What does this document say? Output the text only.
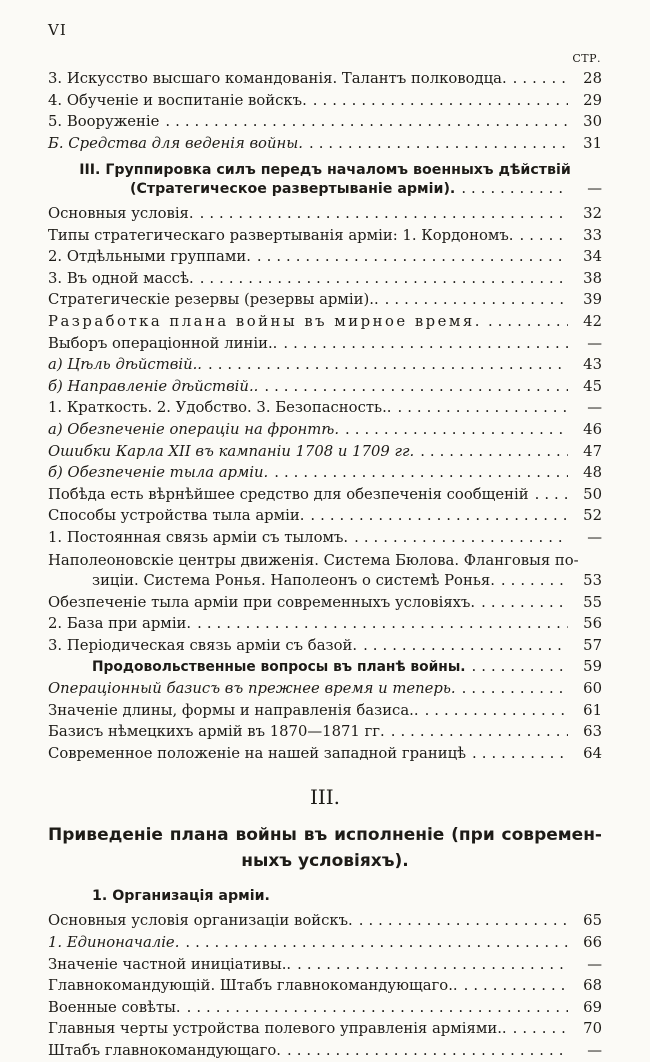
VI
СТР.
3. Искусство высшаго командованія. Талантъ полководца. .....	28
4. Обученіе и воспитаніе войскъ. .....	29
5. Вооруженіе .....	30
Б. Средства для веденія войны. .....	31
III. Группировка силъ передъ началомъ военныхъ дѣйствій
(Стратегическое развертываніе арміи). .....	—
Основныя условія. .....	32
Типы стратегическаго развертыванія арміи: 1. Кордономъ. .....	33
2. Отдѣльными группами. .....	34
3. Въ одной массѣ. .....	38
Стратегическіе резервы (резервы арміи).. .....	39
Разработка плана войны въ мирное время. .....	42
Выборъ операціонной линіи.. .....	—
а) Цѣль дѣйствій.. .....	43
б) Направленіе дѣйствій.. .....	45
1. Краткость. 2. Удобство. 3. Безопасность.. .....	—
а) Обезпеченіе операціи на фронтѣ. .....	46
Ошибки Карла XII въ кампаніи 1708 и 1709 гг. .....	47
б) Обезпеченіе тыла арміи. .....	48
Побѣда есть вѣрнѣйшее средство для обезпеченія сообщеній .....	50
Способы устройства тыла арміи. .....	52
1. Постоянная связь арміи съ тыломъ. .....	—
Наполеоновскіе центры движенія. Система Бюлова. Фланговыя по-
зиціи. Система Ронья. Наполеонъ о системѣ Ронья. .....	53
Обезпеченіе тыла арміи при современныхъ условіяхъ. .....	55
2. База при арміи. .....	56
3. Періодическая связь арміи съ базой. .....	57
Продовольственные вопросы въ планѣ войны. .....	59
Операціонный базисъ въ прежнее время и теперь. .....	60
Значеніе длины, формы и направленія базиса.. .....	61
Базисъ нѣмецкихъ армій въ 1870—1871 гг. .....	63
Современное положеніе на нашей западной границѣ .....	64
III.
Приведеніе плана войны въ исполненіе (при современ-
ныхъ условіяхъ).
1. Организація арміи.
Основныя условія организаціи войскъ. .....	65
1. Единоначаліе. .....	66
Значеніе частной иниціативы.. .....	—
Главнокомандующій. Штабъ главнокомандующаго.. .....	68
Военные совѣты. .....	69
Главныя черты устройства полевого управленія арміями.. .....	70
Штабъ главнокомандующаго. .....	—
